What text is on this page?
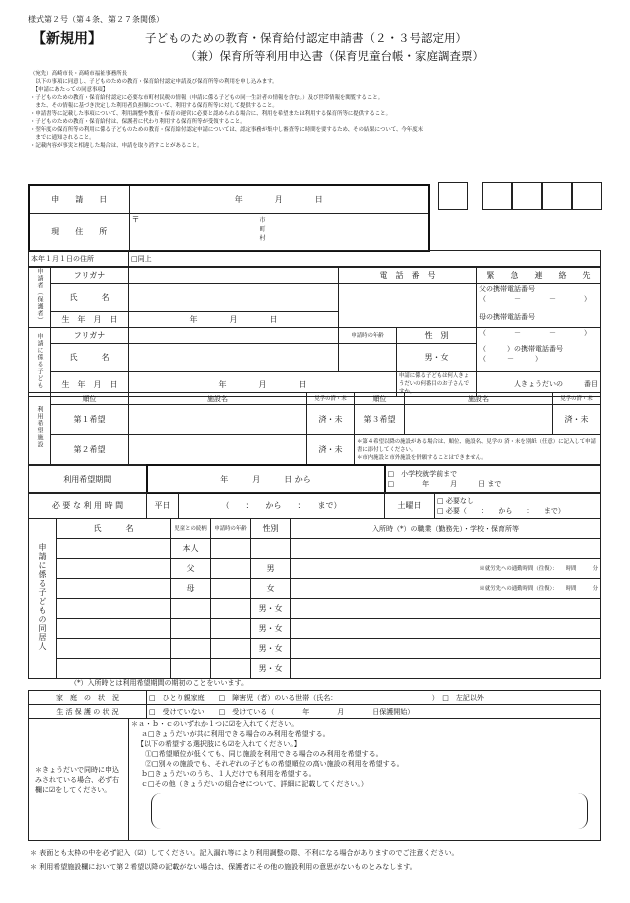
様式第２号（第４条、第２７条関係）
【新規用】	子どものための教育・保育給付認定申請書（２・３号認定用）
（兼）保育所等利用申込書（保育児童台帳・家庭調査票）
（宛先）高崎市長・高崎市福祉事務所長
　以下の事項に同意し、子どものための教育・保育給付認定申請及び保育所等の利用を申し込みます。
　【申請にあたっての同意事項】
・子どものための教育・保育給付認定に必要な市町村民税の情報（申請に係る子どもの同一生計者の情報を含む。）及び世帯情報を閲覧すること。
　また、その情報に基づき決定した利用者負担額について、利用する保育所等に対して提供すること。
・申請書等に記載した事項について、利用調整や教育・保育の運営に必要と認められる場合に、利用を希望または利用する保育所等に提供すること。
・子どものための教育・保育給付は、保護者に代わり利用する保育所等が受領すること。
・翌年度の保育所等の利用に係る子どものための教育・保育給付認定申請については、認定事務が集中し審査等に時間を要するため、その結果について、今年度末
　までに通知されること。
・記載内容が事実と相違した場合は、申請を取り消すことがあること。
申　　請　　日	年　　　　月　　　　日
現　　住　　所	〒 市
町
村
本年１月１日の住所	□同上
申請者（保護者）	フリガナ		電　話　番　号	緊　　急　　連　　絡　　先
	氏　　　名			父の携帯電話番号
（　　　　－　　　　－　　　　）
母の携帯電話番号

	生　年　月　日	年　　　　月　　　　日		
申請に係る子ども	フリガナ		申請時の年齢	性　別	（　　　　－　　　　－　　　　）
（　　　）の携帯電話番号
（　　　－　　　）

	氏　　　名			男・女	
	生　年　月　日	年　　　　月　　　　日		申請に係る子どもは何人きょうだいの何番目のお子さんですか。	人きょうだいの　　　番目
利用希望施設	順位	施設名	見学の済・未	順位	施設名	見学の済・未
	第１希望		済・未	第３希望		済・未
	第２希望		済・未	＊第４希望以降の施設がある場合は、順位、施設名、見学の 済・未を別紙（任意）に記入して申請書に添付してください。
＊市内施設と市外施設を併願することはできません。		
利用希望期間	年　　　月　　　日 から	
□　小学校就学前まで
□　　　　年　　　月　　　日 まで
必 要 な 利 用 時 間	平日	（　　：　　から　　：　　まで）	土曜日	
□ 必要なし
□ 必要（　　：　　から　　：　　まで）
申請に係る子どもの同居人	氏　　　名	児童との続柄	申請時の年齢	性別	入所時（*）の職業（勤務先）・学校・保育所等
		本人			
		父		男	※就労先への通勤時間（往復）：　　時間　　　分
		母		女	※就労先への通勤時間（往復）：　　時間　　　分
				男・女	
				男・女	
				男・女	
				男・女	
（*）入所時とは利用希望期間の期初のことをいいます。
家　庭　の　状　況	□　ひとり親家庭　　□　障害児（者）のいる世帯（氏名：　　　　　　　　　　　　　　）　□　左記以外
生 活 保 護 の 状 況	□　受けていない　　□　受けている（　　　　年　　　　月　　　　日保護開始）
＊きょうだいで同時に申込みされている場合、必ず右欄に☑をしてください。	
＊ａ・ｂ・ｃのいずれか１つに☑を入れてください。
ａ□きょうだいが共に利用できる場合のみ利用を希望する。
【以下の希望する選択肢にも☑を入れてください。】
①□希望順位が低くても、同じ施設を利用できる場合のみ利用を希望する。
②□別々の施設でも、それぞれの子どもの希望順位の高い施設の利用を希望する。
ｂ□きょうだいのうち、１人だけでも利用を希望する。
ｃ□その他（きょうだいの組合せについて、詳細に記載してください。）
＊ 表面とも太枠の中を必ず記入（☑）してください。記入漏れ等により利用調整の際、不利になる場合がありますのでご注意ください。
＊ 利用希望施設欄において第２希望以降の記載がない場合は、保護者にその他の施設利用の意思がないものとみなします。
